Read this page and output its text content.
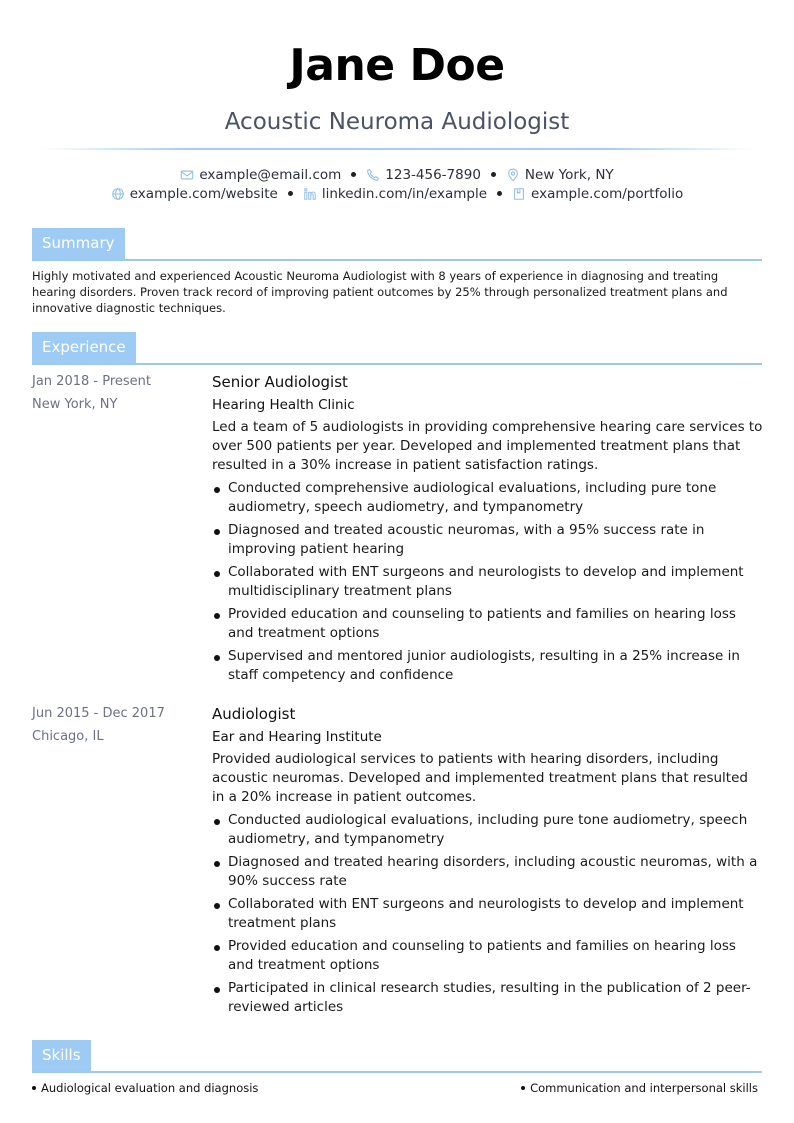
Jane Doe
Acoustic Neuroma Audiologist
example@email.com	123-456-7890	New York, NY
example.com/website	linkedin.com/in/example	example.com/portfolio
Summary
Highly motivated and experienced Acoustic Neuroma Audiologist with 8 years of experience in diagnosing and treating hearing disorders. Proven track record of improving patient outcomes by 25% through personalized treatment plans and innovative diagnostic techniques.
Experience
Jan 2018 - Present
New York, NY
Senior Audiologist
Hearing Health Clinic
Led a team of 5 audiologists in providing comprehensive hearing care services to over 500 patients per year. Developed and implemented treatment plans that resulted in a 30% increase in patient satisfaction ratings.
Conducted comprehensive audiological evaluations, including pure tone audiometry, speech audiometry, and tympanometry
Diagnosed and treated acoustic neuromas, with a 95% success rate in improving patient hearing
Collaborated with ENT surgeons and neurologists to develop and implement multidisciplinary treatment plans
Provided education and counseling to patients and families on hearing loss and treatment options
Supervised and mentored junior audiologists, resulting in a 25% increase in staff competency and confidence
Jun 2015 - Dec 2017
Chicago, IL
Audiologist
Ear and Hearing Institute
Provided audiological services to patients with hearing disorders, including acoustic neuromas. Developed and implemented treatment plans that resulted in a 20% increase in patient outcomes.
Conducted audiological evaluations, including pure tone audiometry, speech audiometry, and tympanometry
Diagnosed and treated hearing disorders, including acoustic neuromas, with a 90% success rate
Collaborated with ENT surgeons and neurologists to develop and implement treatment plans
Provided education and counseling to patients and families on hearing loss and treatment options
Participated in clinical research studies, resulting in the publication of 2 peer-reviewed articles
Skills
Audiological evaluation and diagnosis	Communication and interpersonal skills
